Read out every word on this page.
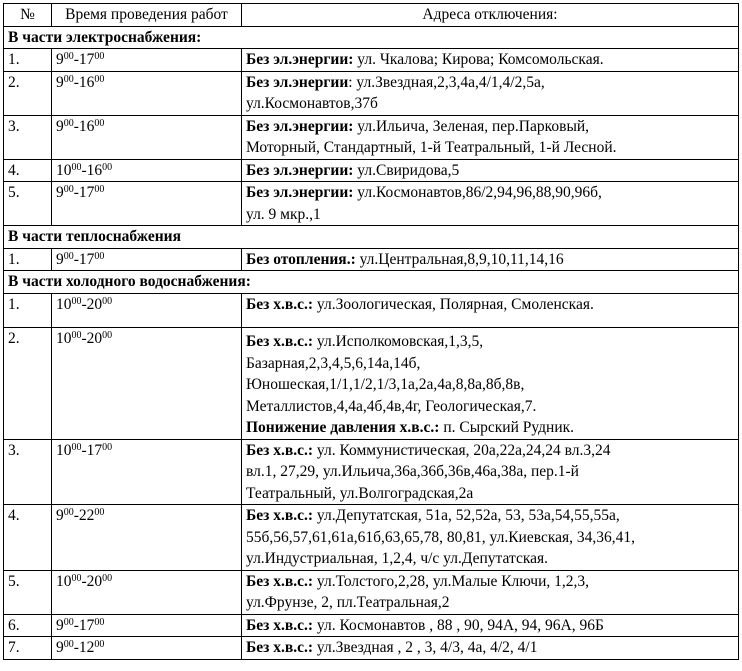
№	Время проведения работ	Адреса отключения:
В части электроснабжения:		
1.	$9^{00}-17^{00}$	Без эл.энергии: ул. Чкалова; Кирова; Комсомольская.
2.	$9^{00}-16^{00}$	Без эл.энергии: ул.Звездная,2,3,4а,4/1,4/2,5а,
ул.Космонавтов,37б
3.	$9^{00}-16^{00}$	Без эл.энергии: ул.Ильича, Зеленая, пер.Парковый,
Моторный, Стандартный, 1-й Театральный, 1-й Лесной.
4.	$10^{00}-16^{00}$	Без эл.энергии: ул.Свиридова,5
5.	$9^{00}-17^{00}$	Без эл.энергии: ул.Космонавтов,86/2,94,96,88,90,96б,
ул. 9 мкр.,1
В части теплоснабжения		
1.	$9^{00}-17^{00}$	Без отопления.: ул.Центральная,8,9,10,11,14,16
В части холодного водоснабжения:		
1.	$10^{00}-20^{00}$	Без х.в.с.: ул.Зоологическая, Полярная, Смоленская.
2.	$10^{00}-20^{00}$	Без х.в.с.: ул.Исполкомовская,1,3,5,
Базарная,2,3,4,5,6,14а,14б,
Юношеская,1/1,1/2,1/3,1а,2а,4а,8,8а,8б,8в,
Металлистов,4,4а,4б,4в,4г, Геологическая,7.
Понижение давления х.в.с.: п. Сырский Рудник.
3.	$10^{00}-17^{00}$	Без х.в.с.: ул. Коммунистическая, 20а,22а,24,24 вл.3,24
вл.1, 27,29, ул.Ильича,36а,36б,36в,46а,38а, пер.1-й
Театральный, ул.Волгоградская,2а
4.	$9^{00}-22^{00}$	Без х.в.с.: ул.Депутатская, 51а, 52,52а, 53, 53а,54,55,55а,
55б,56,57,61,61а,61б,63,65,78, 80,81, ул.Киевская, 34,36,41,
ул.Индустриальная, 1,2,4, ч/с ул.Депутатская.
5.	$10^{00}-20^{00}$	Без х.в.с.: ул.Толстого,2,28, ул.Малые Ключи, 1,2,3,
ул.Фрунзе, 2, пл.Театральная,2
6.	$9^{00}-17^{00}$	Без х.в.с.: ул. Космонавтов , 88 , 90, 94А, 94, 96А, 96Б
7.	$9^{00}-12^{00}$	Без х.в.с.: ул.Звездная , 2 , 3, 4/3, 4а, 4/2, 4/1
